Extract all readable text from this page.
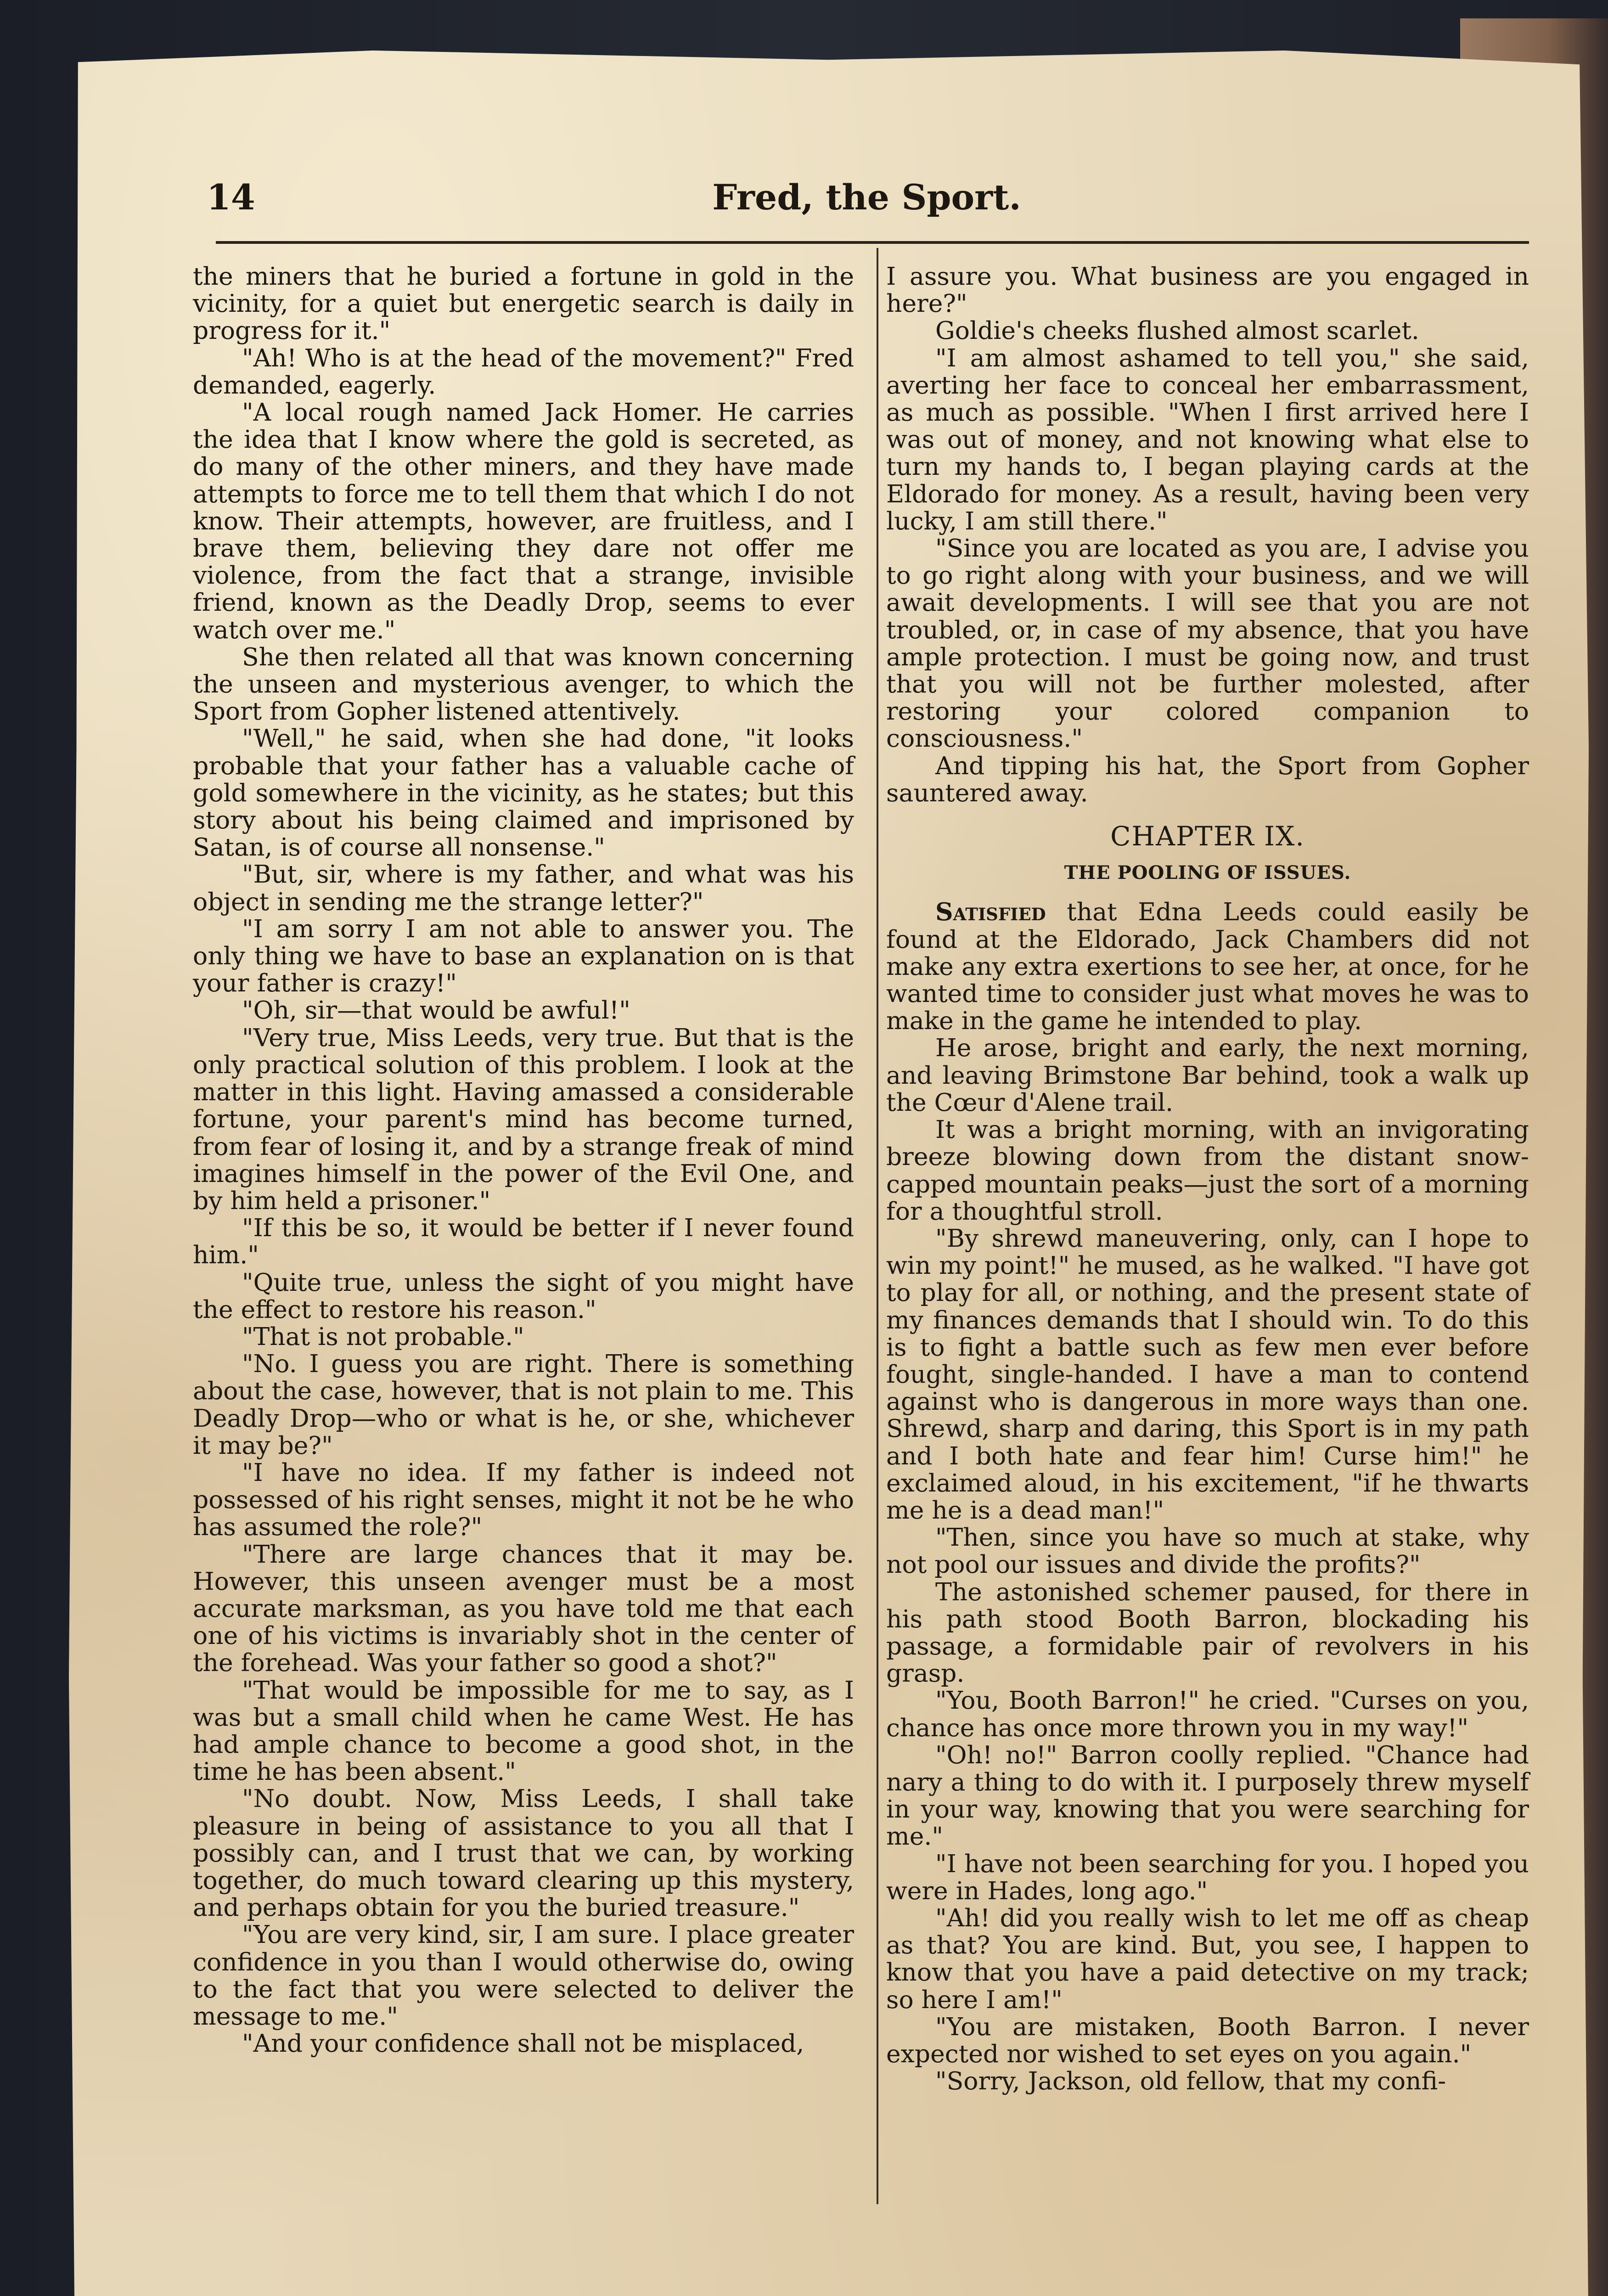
14	Fred, the Sport.

the miners that he buried a fortune in gold in the vicinity, for a quiet but energetic search is daily in progress for it."

"Ah! Who is at the head of the movement?" Fred demanded, eagerly.

"A local rough named Jack Homer. He carries the idea that I know where the gold is secreted, as do many of the other miners, and they have made attempts to force me to tell them that which I do not know. Their attempts, however, are fruitless, and I brave them, believing they dare not offer me violence, from the fact that a strange, invisible friend, known as the Deadly Drop, seems to ever watch over me."

She then related all that was known concerning the unseen and mysterious avenger, to which the Sport from Gopher listened attentively.

"Well," he said, when she had done, "it looks probable that your father has a valuable cache of gold somewhere in the vicinity, as he states; but this story about his being claimed and imprisoned by Satan, is of course all nonsense."

"But, sir, where is my father, and what was his object in sending me the strange letter?"

"I am sorry I am not able to answer you. The only thing we have to base an explanation on is that your father is crazy!"

"Oh, sir—that would be awful!"

"Very true, Miss Leeds, very true. But that is the only practical solution of this problem. I look at the matter in this light. Having amassed a considerable fortune, your parent's mind has become turned, from fear of losing it, and by a strange freak of mind imagines himself in the power of the Evil One, and by him held a prisoner."

"If this be so, it would be better if I never found him."

"Quite true, unless the sight of you might have the effect to restore his reason."

"That is not probable."

"No. I guess you are right. There is something about the case, however, that is not plain to me. This Deadly Drop—who or what is he, or she, whichever it may be?"

"I have no idea. If my father is indeed not possessed of his right senses, might it not be he who has assumed the role?"

"There are large chances that it may be. However, this unseen avenger must be a most accurate marksman, as you have told me that each one of his victims is invariably shot in the center of the forehead. Was your father so good a shot?"

"That would be impossible for me to say, as I was but a small child when he came West. He has had ample chance to become a good shot, in the time he has been absent."

"No doubt. Now, Miss Leeds, I shall take pleasure in being of assistance to you all that I possibly can, and I trust that we can, by working together, do much toward clearing up this mystery, and perhaps obtain for you the buried treasure."

"You are very kind, sir, I am sure. I place greater confidence in you than I would otherwise do, owing to the fact that you were selected to deliver the message to me."

"And your confidence shall not be misplaced,

I assure you. What business are you engaged in here?"

Goldie's cheeks flushed almost scarlet.

"I am almost ashamed to tell you," she said, averting her face to conceal her embarrassment, as much as possible. "When I first arrived here I was out of money, and not knowing what else to turn my hands to, I began playing cards at the Eldorado for money. As a result, having been very lucky, I am still there."

"Since you are located as you are, I advise you to go right along with your business, and we will await developments. I will see that you are not troubled, or, in case of my absence, that you have ample protection. I must be going now, and trust that you will not be further molested, after restoring your colored companion to consciousness."

And tipping his hat, the Sport from Gopher sauntered away.

CHAPTER IX.
THE POOLING OF ISSUES.

Satisfied that Edna Leeds could easily be found at the Eldorado, Jack Chambers did not make any extra exertions to see her, at once, for he wanted time to consider just what moves he was to make in the game he intended to play.

He arose, bright and early, the next morning, and leaving Brimstone Bar behind, took a walk up the Cœur d'Alene trail.

It was a bright morning, with an invigorating breeze blowing down from the distant snow-capped mountain peaks—just the sort of a morning for a thoughtful stroll.

"By shrewd maneuvering, only, can I hope to win my point!" he mused, as he walked. "I have got to play for all, or nothing, and the present state of my finances demands that I should win. To do this is to fight a battle such as few men ever before fought, single-handed. I have a man to contend against who is dangerous in more ways than one. Shrewd, sharp and daring, this Sport is in my path and I both hate and fear him! Curse him!" he exclaimed aloud, in his excitement, "if he thwarts me he is a dead man!"

"Then, since you have so much at stake, why not pool our issues and divide the profits?"

The astonished schemer paused, for there in his path stood Booth Barron, blockading his passage, a formidable pair of revolvers in his grasp.

"You, Booth Barron!" he cried. "Curses on you, chance has once more thrown you in my way!"

"Oh! no!" Barron coolly replied. "Chance had nary a thing to do with it. I purposely threw myself in your way, knowing that you were searching for me."

"I have not been searching for you. I hoped you were in Hades, long ago."

"Ah! did you really wish to let me off as cheap as that? You are kind. But, you see, I happen to know that you have a paid detective on my track; so here I am!"

"You are mistaken, Booth Barron. I never expected nor wished to set eyes on you again."

"Sorry, Jackson, old fellow, that my confi-
